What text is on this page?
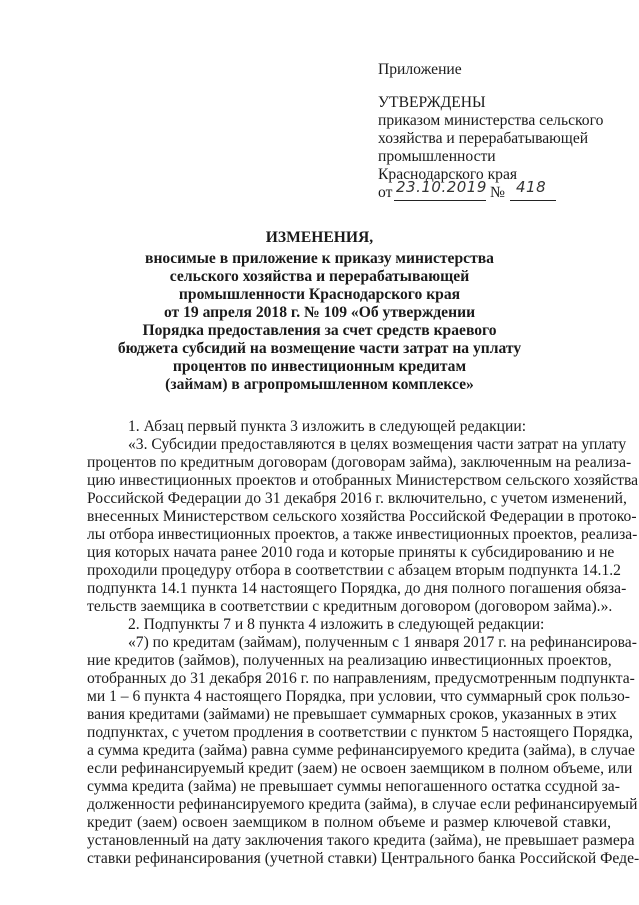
Приложение
УТВЕРЖДЕНЫ
приказом министерства сельского
хозяйства и перерабатывающей
промышленности
Краснодарского края
от 23.10.2019 № 418
ИЗМЕНЕНИЯ,
вносимые в приложение к приказу министерства
сельского хозяйства и перерабатывающей
промышленности Краснодарского края
от 19 апреля 2018 г. № 109 «Об утверждении
Порядка предоставления за счет средств краевого
бюджета субсидий на возмещение части затрат на уплату
процентов по инвестиционным кредитам
(займам) в агропромышленном комплексе»
1. Абзац первый пункта 3 изложить в следующей редакции:
«3. Субсидии предоставляются в целях возмещения части затрат на уплату
процентов по кредитным договорам (договорам займа), заключенным на реализа-
цию инвестиционных проектов и отобранных Министерством сельского хозяйства
Российской Федерации до 31 декабря 2016 г. включительно, с учетом изменений,
внесенных Министерством сельского хозяйства Российской Федерации в протоко-
лы отбора инвестиционных проектов, а также инвестиционных проектов, реализа-
ция которых начата ранее 2010 года и которые приняты к субсидированию и не
проходили процедуру отбора в соответствии с абзацем вторым подпункта 14.1.2
подпункта 14.1 пункта 14 настоящего Порядка, до дня полного погашения обяза-
тельств заемщика в соответствии с кредитным договором (договором займа).».
2. Подпункты 7 и 8 пункта 4 изложить в следующей редакции:
«7) по кредитам (займам), полученным с 1 января 2017 г. на рефинансирова-
ние кредитов (займов), полученных на реализацию инвестиционных проектов,
отобранных до 31 декабря 2016 г. по направлениям, предусмотренным подпункта-
ми 1 – 6 пункта 4 настоящего Порядка, при условии, что суммарный срок пользо-
вания кредитами (займами) не превышает суммарных сроков, указанных в этих
подпунктах, с учетом продления в соответствии с пунктом 5 настоящего Порядка,
а сумма кредита (займа) равна сумме рефинансируемого кредита (займа), в случае
если рефинансируемый кредит (заем) не освоен заемщиком в полном объеме, или
сумма кредита (займа) не превышает суммы непогашенного остатка ссудной за-
долженности рефинансируемого кредита (займа), в случае если рефинансируемый
кредит (заем) освоен заемщиком в полном объеме и размер ключевой ставки,
установленный на дату заключения такого кредита (займа), не превышает размера
ставки рефинансирования (учетной ставки) Центрального банка Российской Феде-
